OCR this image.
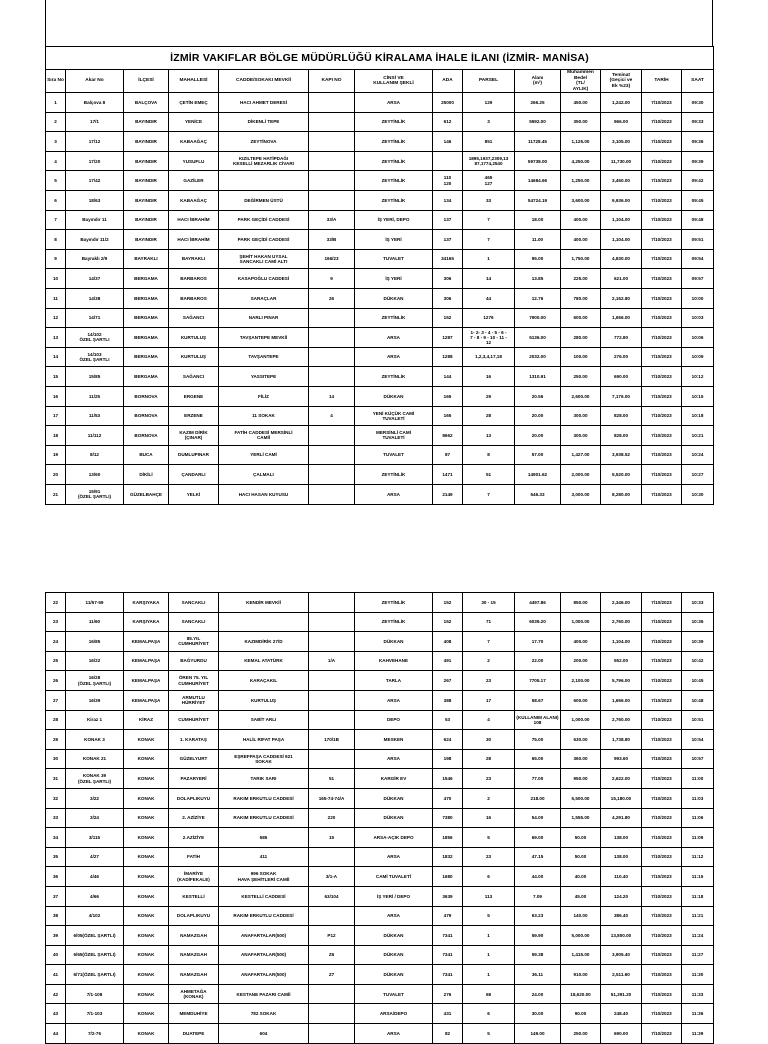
İZMİR VAKIFLAR BÖLGE MÜDÜRLÜĞÜ KİRALAMA İHALE İLANI (İZMİR- MANİSA)													
Sıra No	Akar No	İLÇESİ	MAHALLESİ	CADDE/SOKAKI MEVKİİ	KAPI NO	CİNSİ VE
KULLANIM ŞEKLİ	ADA	PARSEL	Alanı
(m²)	Muhammen Bedel
(TL/
AYLIK)	Teminat
(Geçici ve
Ek %23)	TARİH	SAAT
1	Balçova 8	BALÇOVA	ÇETİN EMEÇ	HACI AHMET DERESİ		ARSA	25000	129	266.25	450.00	1,242.00	7/10/2023	09:30
2	17/1	BAYINDIR	YENİCE	DİKENLİ TEPE		ZEYTİNLİK	612	3	5592.00	350.00	966.00	7/10/2023	09:33
3	17/12	BAYINDIR	KABAAĞAÇ	ZEYTİNOVA		ZEYTİNLİK	146	851	11728.45	1,125.00	3,105.00	7/10/2023	09:36
4	17/20	BAYINDIR	YUSUFLU	KIZILTEPE HATİPDAĞI
KESELLİ MEZARLIK CİVARI		ZEYTİNLİK		1895,1937,2309,13
87,1774,2540	59738.00	4,250.00	11,730.00	7/10/2023	09:39
5	17/42	BAYINDIR	GAZİLER			ZEYTİNLİK	110
120	465
127	14684.66	1,250.00	3,450.00	7/10/2023	09:42
6	18/63	BAYINDIR	KABAAĞAÇ	DEĞİRMEN ÜSTÜ		ZEYTİNLİK	134	33	54724.19	3,600.00	9,936.00	7/10/2023	09:45
7	Bayındır 11	BAYINDIR	HACI İBRAHİM	PARK GEÇİDİ CADDESİ	33/A	İŞ YERİ, DEPO	137	7	18.00	400.00	1,104.00	7/10/2023	09:48
8	Bayındır 11/2	BAYINDIR	HACI İBRAHİM	PARK GEÇİDİ CADDESİ	33/B	İŞ YERİ	137	7	11.00	400.00	1,104.00	7/10/2023	09:51
9	Bayraklı 2/9	BAYRAKLI	BAYRAKLI	ŞEHİT HAKAN UYSAL
SANCAKLI CAMİ ALTI	166/23	TUVALET	34165	1	95.00	1,750.00	4,830.00	7/10/2023	09:54
10	14/37	BERGAMA	BARBAROS	KASAPOĞLU CADDESİ	9	İŞ YERİ	306	14	13.85	225.00	621.00	7/10/2023	09:57
11	14/38	BERGAMA	BARBAROS	SARAÇLAR	26	DÜKKAN	306	44	12.76	780.00	2,152.80	7/10/2023	10:00
12	14/71	BERGAMA	SAĞANCI	NARLI PINAR		ZEYTİNLİK	152	1276	7900.00	600.00	1,656.00	7/10/2023	10:03
13	14/102
ÖZEL ŞARTLI	BERGAMA	KURTULUŞ	TAVŞANTEPE MEVKİİ		ARSA	1287	1- 2- 3 - 4 - 5 - 6 -
7 - 8 - 9 - 10 - 11 -
12	5136.00	280.00	772.80	7/10/2023	10:06
14	14/103
ÖZEL ŞARTLI	BERGAMA	KURTULUŞ	TAVŞANTEPE		ARSA	1288	1,2,3,4,17,18	2032.00	100.00	276.00	7/10/2023	10:09
15	15/85	BERGAMA	SAĞANCI	YASSITEPE		ZEYTİNLİK	144	16	1310.91	250.00	690.00	7/10/2023	10:12
16	11/25	BORNOVA	ERGENE	FİLİZ	14	DÜKKAN	165	29	20.56	2,600.00	7,176.00	7/10/2023	10:15
17	11/53	BORNOVA	ERZENE	11 SOKAK	4	YENİ KÜÇÜK CAMİ
TUVALETİ	165	28	20.00	300.00	828.00	7/10/2023	10:18
18	11/112	BORNOVA	KAZIM DİRİK
(ÇINAR)	FATİH CADDESİ MERSİNLİ
CAMİİ		MERSİNLİ CAMİ
TUVALETİ	8662	13	20.00	300.00	828.00	7/10/2023	10:21
19	8/12	BUCA	DUMLUPINAR	YERLİ CAMİ		TUVALET	87	8	57.00	1,427.00	3,938.52	7/10/2023	10:24
20	13/60	DİKİLİ	ÇANDARLI	ÇALMALI		ZEYTİNLİK	1471	51	14901.62	2,000.00	5,520.00	7/10/2023	10:27
21	15/91
(ÖZEL ŞARTLI)	GÜZELBAHÇE	YELKİ	HACI HASAN KUYUSU		ARSA	2149	7	546.33	3,000.00	8,280.00	7/10/2023	10:30
22	11/57-59	KARŞIYAKA	SANCAKLI	KENDİR MEVKİİ		ZEYTİNLİK	152	30 - 15	4497.86	850.00	2,346.00	7/10/2023	10:33
23	11/60	KARŞIYAKA	SANCAKLI			ZEYTİNLİK	152	71	6039.20	1,000.00	2,760.00	7/10/2023	10:36
24	16/85	KEMALPAŞA	85.YIL
CUMHURİYET	KAZIMDİRİK 27/D		DÜKKAN	408	7	17.70	400.00	1,104.00	7/10/2023	10:39
25	16/22	KEMALPAŞA	BAĞYURDU	KEMAL ATATÜRK	1/A	KAHVEHANE	491	2	22.00	200.00	552.00	7/10/2023	10:42
26	16/28
(ÖZEL ŞARTLI)	KEMALPAŞA	ÖREN 75. YIL
CUMHURİYET	KARAÇAKIL		TARLA	267	23	7705.17	2,100.00	5,796.00	7/10/2023	10:45
27	16/39	KEMALPAŞA	ARMUTLU
HÜRRİYET	KURTULUŞ		ARSA	388	17	58.67	600.00	1,656.00	7/10/2023	10:48
28	Kiraz 1	KİRAZ	CUMHURİYET	SABİT ARLI		DEPO	53	4	(KULLANIM ALANI)
108	1,000.00	2,760.00	7/10/2023	10:51
29	KONAK 3	KONAK	1. KARATAŞ	HALİL RIFAT PAŞA	170/1B	MESKEN	624	30	75.00	630.00	1,738.80	7/10/2023	10:54
30	KONAK 21	KONAK	GÜZELYURT	EŞREFPAŞA CADDESİ 921
SOKAK		ARSA	198	28	65.00	360.00	993.60	7/10/2023	10:57
31	KONAK 39
(ÖZEL ŞARTLI)	KONAK	PAZARYERİ	TARIK SARI	51	KARGİR EV	1546	23	77.00	950.00	2,622.00	7/10/2023	11:00
32	3/22	KONAK	DOLAPLIKUYU	RAKIM ERKUTLU CADDESİ	165-74-74/A	DÜKKAN	470	2	218.00	5,500.00	15,180.00	7/10/2023	11:03
33	3/24	KONAK	2. AZİZİYE	RAKIM ERKUTLU CADDESİ	220	DÜKKAN	7380	16	54.00	1,555.00	4,291.80	7/10/2023	11:06
34	3/115	KONAK	2.AZİZİYE	585	15	ARSA-AÇIK DEPO	1856	5	69.00	50.00	138.00	7/10/2023	11:09
35	4/27	KONAK	FATİH	411		ARSA	1832	23	47.15	50.00	138.00	7/10/2023	11:12
36	4/46	KONAK	İMARİYE
(KADİFEKALE)	996 SOKAK
HAVA ŞEHİTLERİ CAMİİ	3/1-A	CAMİ TUVALETİ	1680	6	44.00	40.00	110.40	7/10/2023	11:15
37	4/66	KONAK	KESTELLİ	KESTELLİ CADDESİ	63/104	İŞ YERİ / DEPO	3639	113	7.09	45.00	124.20	7/10/2023	11:18
38	4/102	KONAK	DOLAPLIKUYU	RAKIM ERKUTLU CADDESİ		ARSA	479	5	63.23	140.00	386.40	7/10/2023	11:21
39	6/05(ÖZEL ŞARTLI)	KONAK	NAMAZGAH	ANAFARTALAR(500)	P12	DÜKKAN	7341	1	59.90	5,000.00	13,800.00	7/10/2023	11:24
40	6/65(ÖZEL ŞARTLI)	KONAK	NAMAZGAH	ANAFARTALAR(500)	Z6	DÜKKAN	7341	1	59.38	1,415.00	3,905.40	7/10/2023	11:27
41	6/71(ÖZEL ŞARTLI)	KONAK	NAMAZGAH	ANAFARTALAR(500)	Z7	DÜKKAN	7341	1	36.11	910.00	2,511.60	7/10/2023	11:30
42	7/1-108	KONAK	AHMETAĞA
(KONAK)	KESTANE PAZARI CAMİİ		TUVALET	276	68	24.00	18,620.00	51,391.20	7/10/2023	11:33
43	7/1-103	KONAK	MEMDUHİYE	782 SOKAK		ARSA/DEPO	431	6	30.00	90.00	248.40	7/10/2023	11:36
44	7/2-76	KONAK	DUATEPE	604		ARSA	82	5	149.00	250.00	690.00	7/10/2023	11:39
